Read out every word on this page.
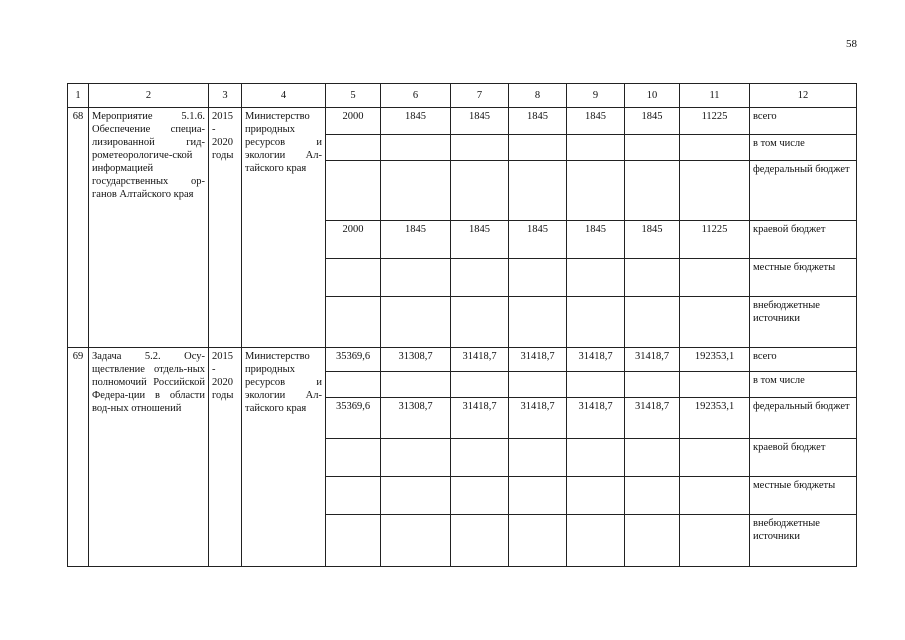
58
1	2	3	4	5	6	7	8	9	10	11	12
68	Мероприятие 5.1.6. Обеспечение специа-лизированной гид-рометеорологиче-ской информацией государственных ор-ганов Алтайского края	2015
-
2020
годы	Министерство природных ресурсов и экологии Ал-тайского края	2000	1845	1845	1845	1845	1845	11225	всего
											в том числе
											федеральный бюджет
				2000	1845	1845	1845	1845	1845	11225	краевой бюджет
											местные бюджеты
											внебюджетные источники
69	Задача 5.2. Осу-ществление отдель-ных полномочий Российской Федера-ции в области вод-ных отношений	2015
-
2020
годы	Министерство природных ресурсов и экологии Ал-тайского края	35369,6	31308,7	31418,7	31418,7	31418,7	31418,7	192353,1	всего
											в том числе
				35369,6	31308,7	31418,7	31418,7	31418,7	31418,7	192353,1	федеральный бюджет
											краевой бюджет
											местные бюджеты
											внебюджетные источники
